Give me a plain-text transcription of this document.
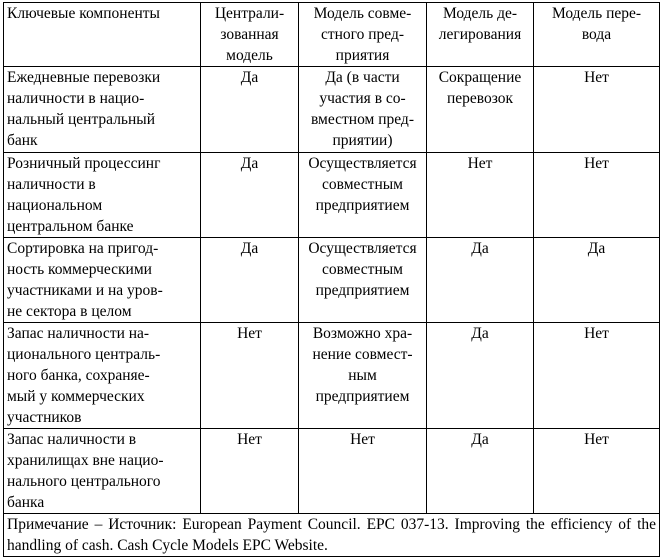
Ключевые компоненты	Централи-
зованная
модель	Модель совме-
стного пред-
приятия	Модель де-
легирования	Модель пере-
вода

Ежедневные перевозки
наличности в нацио-
нальный центральный
банк	Да	Да (в части
участия в со-
вместном пред-
приятии)	Сокращение
перевозок	Нет

Розничный процессинг
наличности в
национальном
центральном банке	Да	Осуществляется
совместным
предприятием	Нет	Нет

Сортировка на пригод-
ность коммерческими
участниками и на уров-
не сектора в целом	Да	Осуществляется
совместным
предприятием	Да	Да

Запас наличности на-
ционального централь-
ного банка, сохраняе-
мый у коммерческих
участников	Нет	Возможно хра-
нение совмест-
ным
предприятием	Да	Нет

Запас наличности в
хранилищах вне нацио-
нального центрального
банка	Нет	Нет	Да	Нет

Примечание – Источник: European Payment Council. EPC 037-13. Improving the efficiency of the handling of cash. Cash Cycle Models EPC Website.				
